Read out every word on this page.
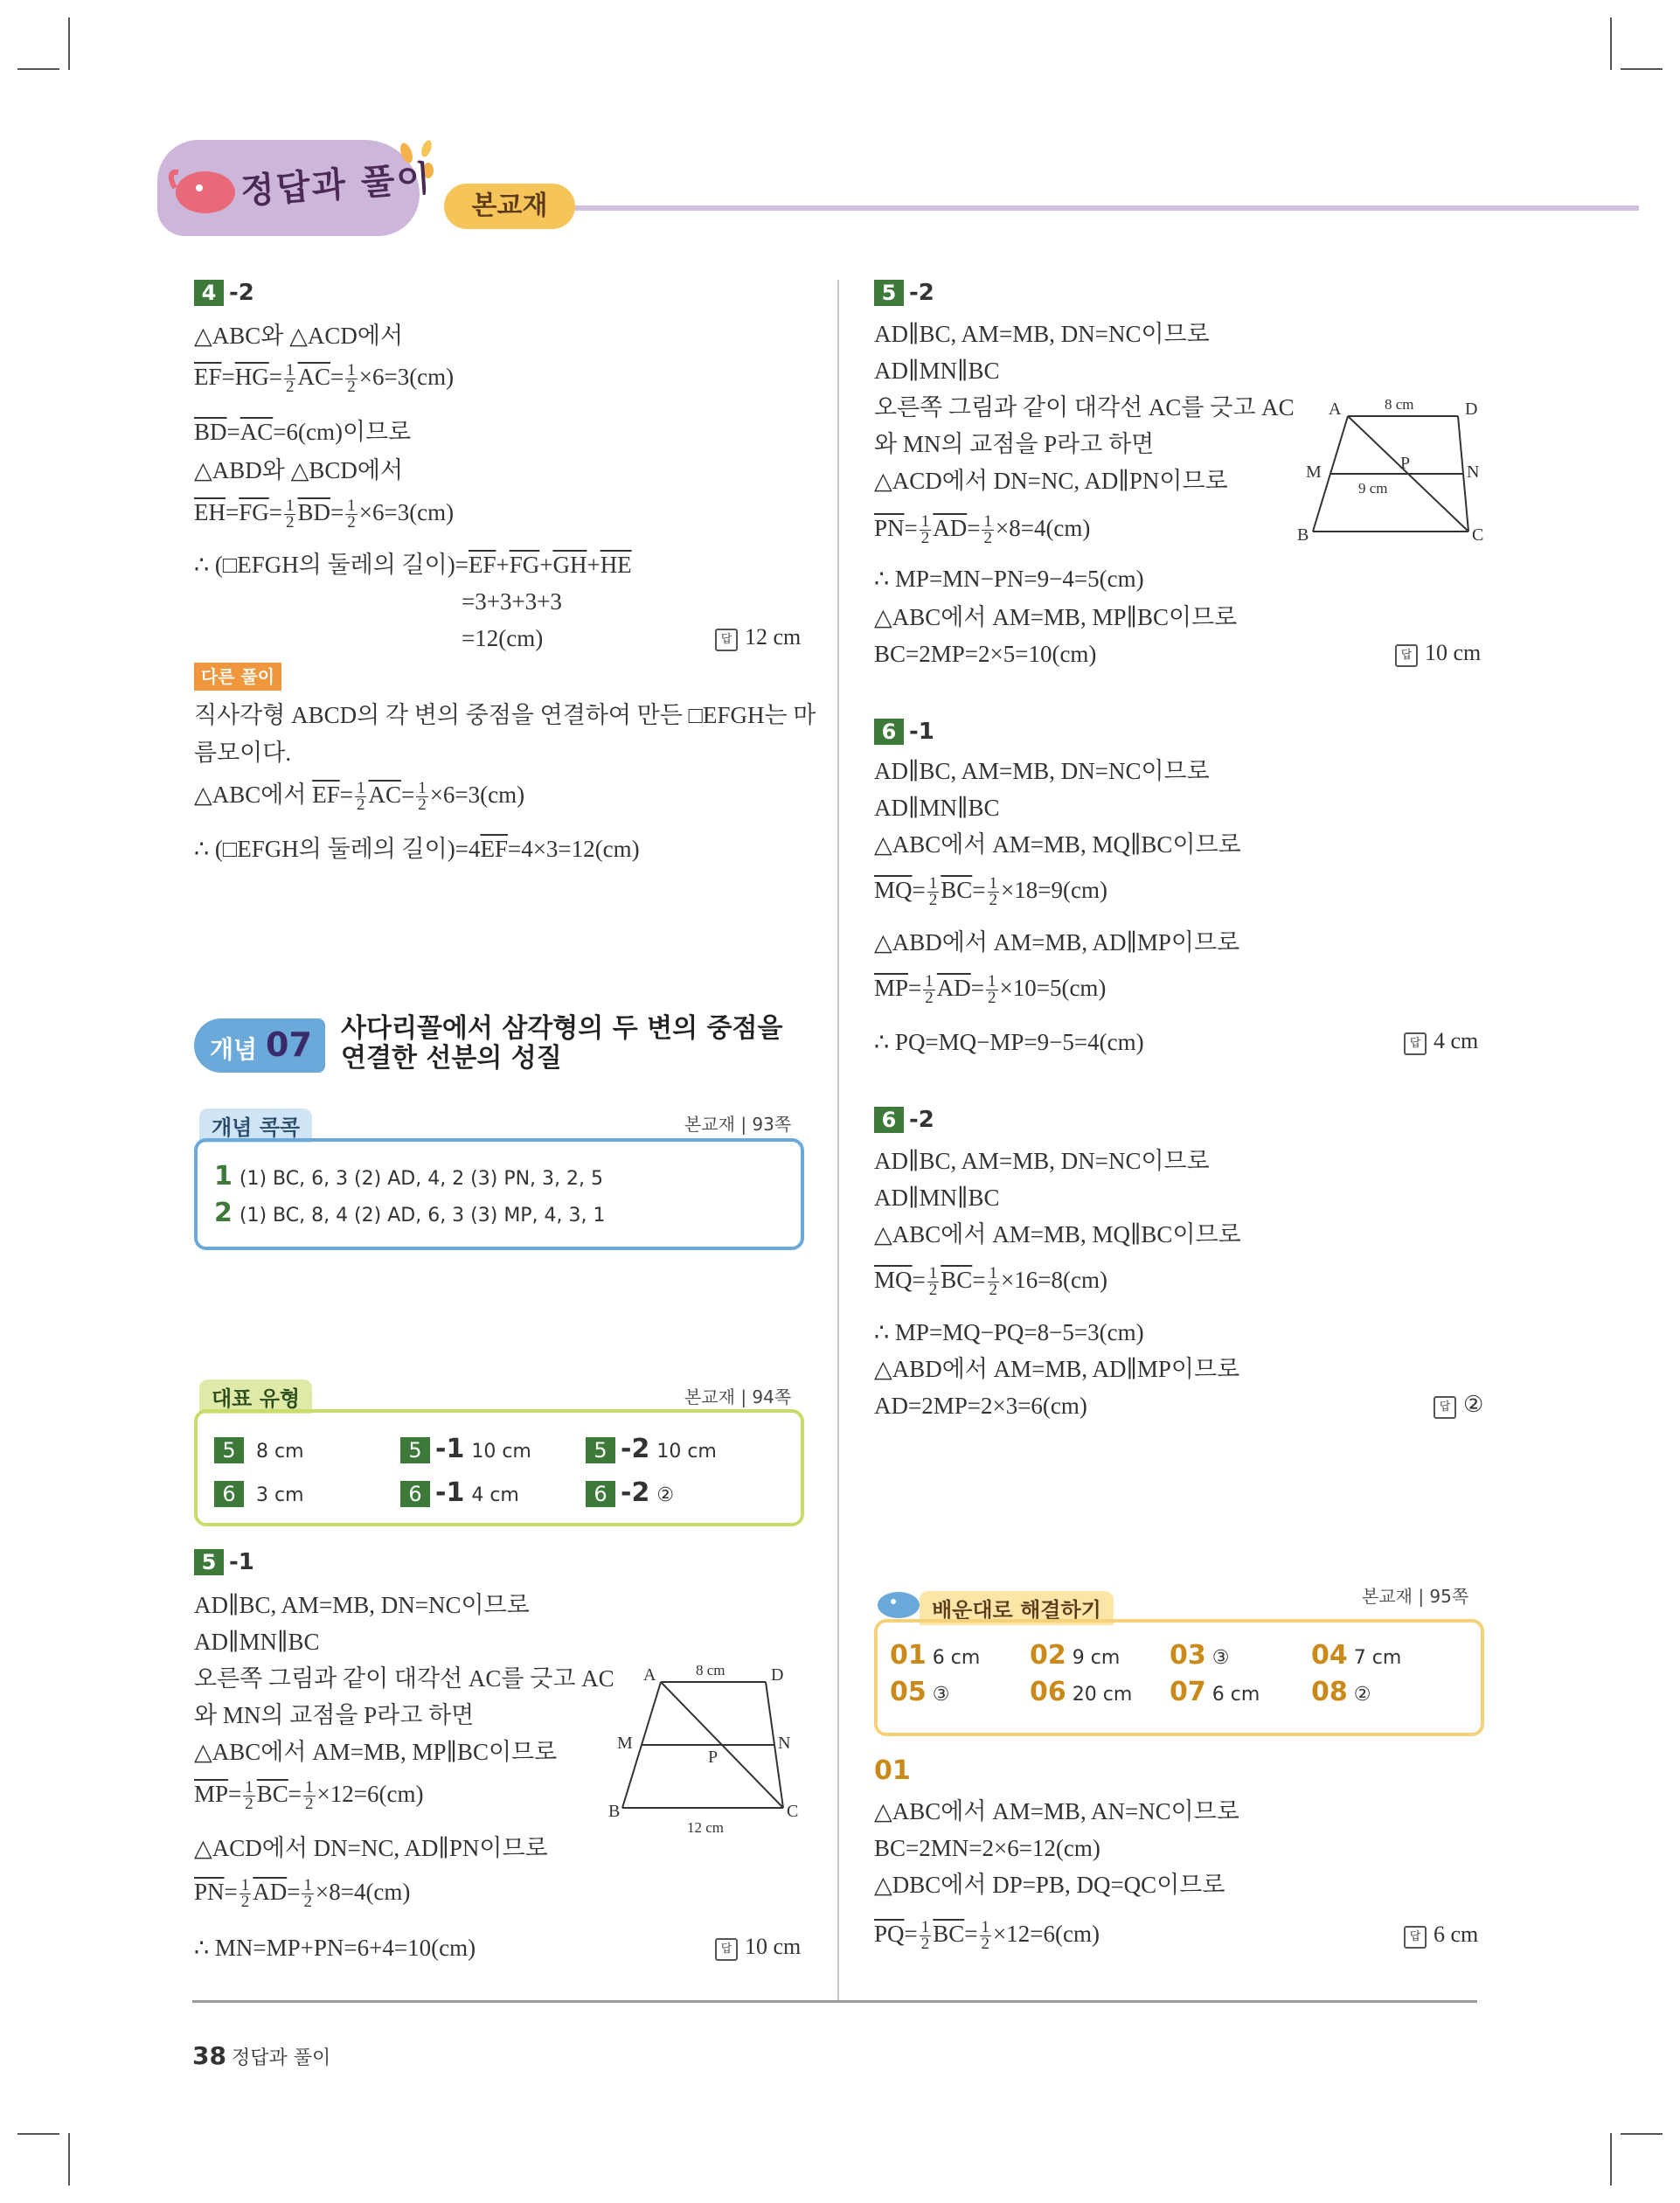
정답과 풀이	본교재
4 -2
△ABC와 △ACD에서
$\overline{EF}=\overline{HG}= \frac{1}{2} \overline{AC}= \frac{1}{2} \times 6=3(cm)$
$\overline{BD}=\overline{AC}=6(cm)$이므로
△ABD와 △BCD에서
$\overline{EH}=\overline{FG}= \frac{1}{2} \overline{BD}= \frac{1}{2} \times 6=3(cm)$
∴ (□EFGH의 둘레의 길이)$=\overline{EF}+\overline{FG}+\overline{GH}+\overline{HE}$
=3+3+3+3
=12(cm)	답 12 cm
다른 풀이
직사각형 ABCD의 각 변의 중점을 연결하여 만든 □EFGH는 마
름모이다.
△ABC에서 $\overline{EF}= \frac{1}{2} \overline{AC}= \frac{1}{2} \times 6=3(cm)$
∴ (□EFGH의 둘레의 길이)$=4\overline{EF}=4\times 3=12(cm)$
개념 07 사다리꼴에서 삼각형의 두 변의 중점을
연결한 선분의 성질
개념 콕콕	본교재 | 93쪽
1 (1) BC, 6, 3 (2) AD, 4, 2 (3) PN, 3, 2, 5
2 (1) BC, 8, 4 (2) AD, 6, 3 (3) MP, 4, 3, 1
대표 유형	본교재 | 94쪽
5 8 cm	5 -1 10 cm	5 -2 10 cm
6 3 cm	6 -1 4 cm	6 -2 ②
5 -1
AD∥BC, AM=MB, DN=NC이므로
AD∥MN∥BC
오른쪽 그림과 같이 대각선 AC를 긋고 AC
와 MN의 교점을 P라고 하면
△ABC에서 AM=MB, MP∥BC이므로
$\overline{MP}= \frac{1}{2} \overline{BC}= \frac{1}{2} \times 12=6(cm)$
△ACD에서 DN=NC, AD∥PN이므로
$\overline{PN}= \frac{1}{2} \overline{AD}= \frac{1}{2} \times 8=4(cm)$
∴ MN=MP+PN=6+4=10(cm)	답 10 cm
A	D
M	N
P
B	C
8 cm
12 cm
5 -2
AD∥BC, AM=MB, DN=NC이므로
AD∥MN∥BC
오른쪽 그림과 같이 대각선 AC를 긋고 AC
와 MN의 교점을 P라고 하면
△ACD에서 DN=NC, AD∥PN이므로
$\overline{PN}= \frac{1}{2} \overline{AD}= \frac{1}{2} \times 8=4(cm)$
∴ MP=MN−PN=9−4=5(cm)
△ABC에서 AM=MB, MP∥BC이므로
BC=2MP=2×5=10(cm)	답 10 cm
A	D
M	N
P
B	C
8 cm
9 cm
6 -1
AD∥BC, AM=MB, DN=NC이므로
AD∥MN∥BC
△ABC에서 AM=MB, MQ∥BC이므로
$\overline{MQ}= \frac{1}{2} \overline{BC}= \frac{1}{2} \times 18=9(cm)$
△ABD에서 AM=MB, AD∥MP이므로
$\overline{MP}= \frac{1}{2} \overline{AD}= \frac{1}{2} \times 10=5(cm)$
∴ PQ=MQ−MP=9−5=4(cm)	답 4 cm
6 -2
AD∥BC, AM=MB, DN=NC이므로
AD∥MN∥BC
△ABC에서 AM=MB, MQ∥BC이므로
$\overline{MQ}= \frac{1}{2} \overline{BC}= \frac{1}{2} \times 16=8(cm)$
∴ MP=MQ−PQ=8−5=3(cm)
△ABD에서 AM=MB, AD∥MP이므로
AD=2MP=2×3=6(cm)	답 ②
배운대로 해결하기
본교재 | 95쪽
01 6 cm 02 9 cm 03 ③	04 7 cm
05 ③	06 20 cm 07 6 cm 08 ②
01
△ABC에서 AM=MB, AN=NC이므로
BC=2MN=2×6=12(cm)
△DBC에서 DP=PB, DQ=QC이므로
$\overline{PQ}= \frac{1}{2} \overline{BC}= \frac{1}{2} \times 12=6(cm)$	답 6 cm
38 정답과 풀이
